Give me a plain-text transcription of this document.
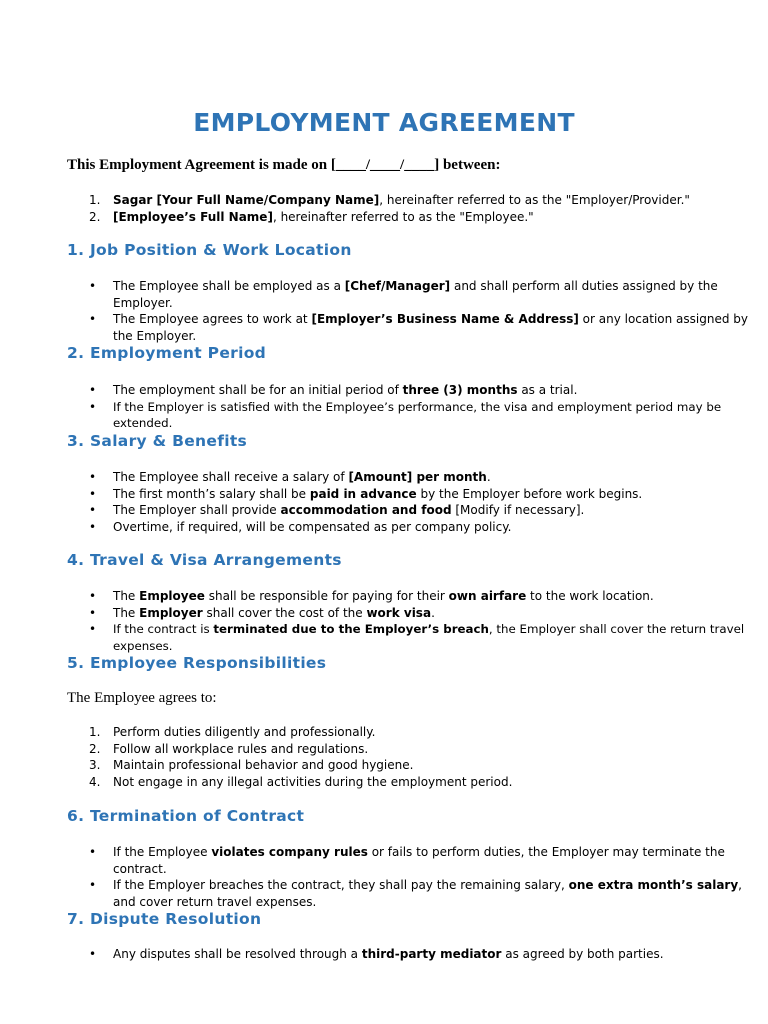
EMPLOYMENT AGREEMENT
This Employment Agreement is made on [____/____/____] between:
1. Sagar [Your Full Name/Company Name], hereinafter referred to as the "Employer/Provider."
2. [Employee’s Full Name], hereinafter referred to as the "Employee."
1. Job Position & Work Location
• The Employee shall be employed as a [Chef/Manager] and shall perform all duties assigned by the Employer.
• The Employee agrees to work at [Employer’s Business Name & Address] or any location assigned by the Employer.
2. Employment Period
• The employment shall be for an initial period of three (3) months as a trial.
• If the Employer is satisfied with the Employee’s performance, the visa and employment period may be extended.
3. Salary & Benefits
• The Employee shall receive a salary of [Amount] per month.
• The first month’s salary shall be paid in advance by the Employer before work begins.
• The Employer shall provide accommodation and food [Modify if necessary].
• Overtime, if required, will be compensated as per company policy.
4. Travel & Visa Arrangements
• The Employee shall be responsible for paying for their own airfare to the work location.
• The Employer shall cover the cost of the work visa.
• If the contract is terminated due to the Employer’s breach, the Employer shall cover the return travel expenses.
5. Employee Responsibilities
The Employee agrees to:
1. Perform duties diligently and professionally.
2. Follow all workplace rules and regulations.
3. Maintain professional behavior and good hygiene.
4. Not engage in any illegal activities during the employment period.
6. Termination of Contract
• If the Employee violates company rules or fails to perform duties, the Employer may terminate the contract.
• If the Employer breaches the contract, they shall pay the remaining salary, one extra month’s salary, and cover return travel expenses.
7. Dispute Resolution
• Any disputes shall be resolved through a third-party mediator as agreed by both parties.
